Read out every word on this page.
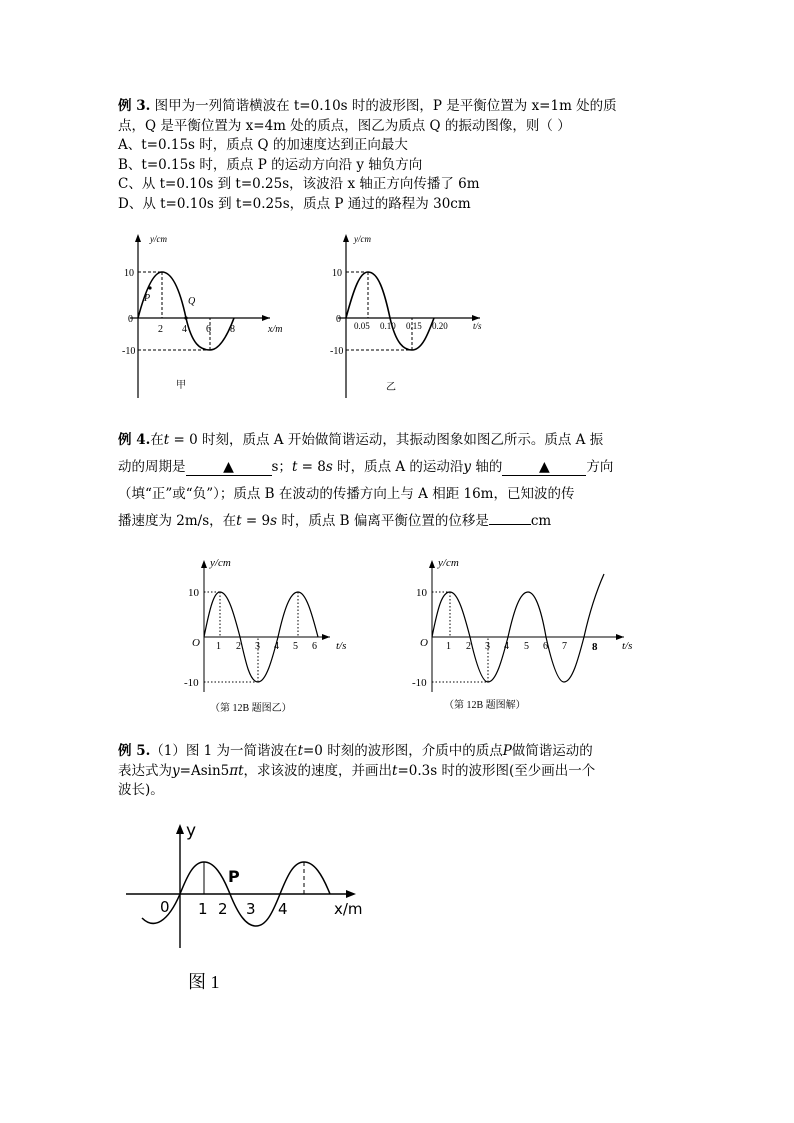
例 3. 图甲为一列简谐横波在 t=0.10s 时的波形图，P 是平衡位置为 x=1m 处的质
点，Q 是平衡位置为 x=4m 处的质点，图乙为质点 Q 的振动图像，则（ ）
A、t=0.15s 时，质点 Q 的加速度达到正向最大
B、t=0.15s 时，质点 P 的运动方向沿 y 轴负方向
C、从 t=0.10s 到 t=0.25s，该波沿 x 轴正方向传播了 6m
D、从 t=0.10s 到 t=0.25s，质点 P 通过的路程为 30cm
y/cm
10
-10
0
2 4 6 8
P	Q
x/m
甲
y/cm
10
-10
0
0.05 0.10 0.15 0.20	t/s
乙
例 4.在t = 0 时刻，质点 A 开始做简谐运动，其振动图象如图乙所示。质点 A 振
动的周期是	▲	s；t = 8s 时，质点 A 的运动沿y 轴的	▲	方向
（填“正”或“负”）；质点 B 在波动的传播方向上与 A 相距 16m，已知波的传
播速度为 2m/s，在t = 9s 时，质点 B 偏离平衡位置的位移是	cm
y/cm
10
-10
O 1 2 3 4 5 6 t/s
（第 12B 题图乙）
y/cm
10
-10
O 1 2 3 4 5 6 7 8 t/s
（第 12B 题图解）
例 5.（1）图 1 为一简谐波在t=0 时刻的波形图，介质中的质点P做简谐运动的
表达式为y=Asin5πt，求该波的速度，并画出t=0.3s 时的波形图(至少画出一个
波长)。
y
0 1 2 3 4
P
x/m
图 1
